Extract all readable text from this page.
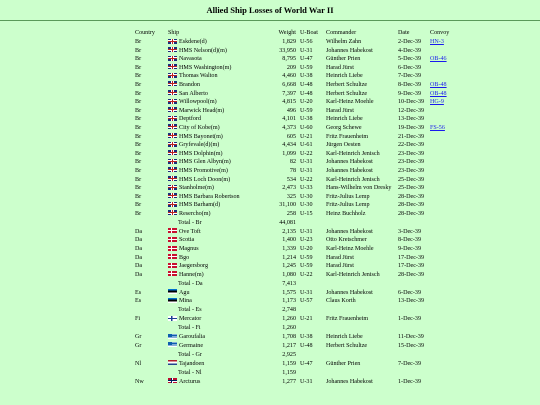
Allied Ship Losses of World War II
Country	Ship	Weight	U-Boat	Commander	Date	Convoy
Br	Eskdene(d)	1,829	U-56	Wilhelm Zahn	2-Dec-39	HN-3
Br	HMS Nelson(d)(m)	33,950	U-31	Johannes Habekost	4-Dec-39	
Br	Navasota	8,795	U-47	Günther Prien	5-Dec-39	OB-46
Br	HMS Washington(m)	209	U-59	Harad Jürst	6-Dec-39	
Br	Thomas Walton	4,460	U-38	Heinrich Liebe	7-Dec-39	
Br	Brandon	6,668	U-48	Herbert Schultze	8-Dec-39	OB-48
Br	San Alberto	7,397	U-48	Herbert Schultze	9-Dec-39	OB-48
Br	Willowpool(m)	4,815	U-20	Karl-Heinz Moehle	10-Dec-39	HG-9
Br	Marwick Head(m)	496	U-59	Harad Jürst	12-Dec-39	
Br	Deptford	4,101	U-38	Heinrich Liebe	13-Dec-39	
Br	City of Kobe(m)	4,373	U-60	Georg Schewe	19-Dec-39	FS-56
Br	HMS Bayonet(m)	605	U-21	Fritz Frauenheim	21-Dec-39	
Br	Gryfevale(d)(m)	4,434	U-61	Jürgen Oesten	22-Dec-39	
Br	HMS Dolphin(m)	1,099	U-22	Karl-Heinrich Jenisch	23-Dec-39	
Br	HMS Glen Albyn(m)	82	U-31	Johannes Habekost	23-Dec-39	
Br	HMS Promotive(m)	78	U-31	Johannes Habekost	23-Dec-39	
Br	HMS Loch Doon(m)	534	U-22	Karl-Heinrich Jenisch	25-Dec-39	
Br	Stanholme(m)	2,473	U-33	Hans-Wilhelm von Dresky	25-Dec-39	
Br	HMS Barbara Robertson	325	U-30	Fritz-Julius Lemp	28-Dec-39	
Br	HMS Barham(d)	31,100	U-30	Fritz-Julius Lemp	28-Dec-39	
Br	Resercho(m)	258	U-15	Heinz Buchholz	28-Dec-39	
	Total - Br	44,081				
Da	Ove Toft	2,135	U-31	Johannes Habekost	3-Dec-39	
Da	Scotia	1,400	U-23	Otto Kretschmer	8-Dec-39	
Da	Magnus	1,339	U-20	Karl-Heinz Moehle	9-Dec-39	
Da	Bgo	1,214	U-59	Harad Jürst	17-Dec-39	
Da	Jaegersborg	1,245	U-59	Harad Jürst	17-Dec-39	
Da	Hanne(m)	1,080	U-22	Karl-Heinrich Jenisch	28-Dec-39	
	Total - Da	7,413				
Es	Agu	1,575	U-31	Johannes Habekost	6-Dec-39	
Es	Mina	1,173	U-57	Claus Korth	13-Dec-39	
	Total - Es	2,748				
Fi	Mercator	1,260	U-21	Fritz Frauenheim	1-Dec-39	
	Total - Fi	1,260				
Gr	Garoufalia	1,708	U-38	Heinrich Liebe	11-Dec-39	
Gr	Germaine	1,217	U-48	Herbert Schultze	15-Dec-39	
	Total - Gr	2,925				
Nl	Tajandoen	1,159	U-47	Günther Prien	7-Dec-39	
	Total - Nl	1,159				
Nw	Arcturus	1,277	U-31	Johannes Habekost	1-Dec-39	
